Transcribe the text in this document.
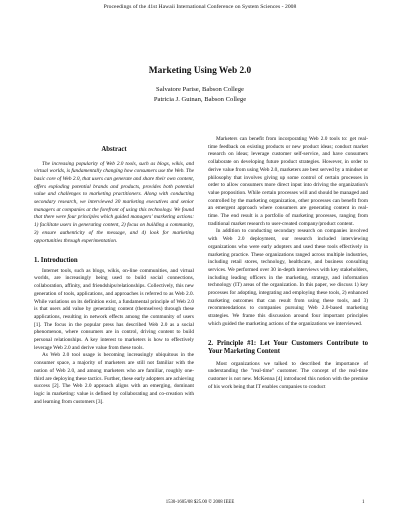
Proceedings of the 41st Hawaii International Conference on System Sciences - 2008
Marketing Using Web 2.0
Salvatore Parise, Babson College
Patricia J. Guinan, Babson College
Abstract

The increasing popularity of Web 2.0 tools, such as blogs, wikis, and virtual worlds, is fundamentally changing how consumers use the Web. The basic core of Web 2.0, that users can generate and share their own content, offers exploding potential brands and products, provides both potential value and challenges to marketing practitioners. Along with conducting secondary research, we interviewed 30 marketing executives and senior managers at companies at the forefront of using this technology. We found that there were four principles which guided managers' marketing actions: 1) facilitate users in generating content, 2) focus on building a community, 3) ensure authenticity of the message, and 4) look for marketing opportunities through experimentation.

1. Introduction

Internet tools, such as blogs, wikis, on-line communities, and virtual worlds, are increasingly being used to build social connections, collaboration, affinity, and friendships/relationships. Collectively, this new generation of tools, applications, and approaches is referred to as Web 2.0. While variations on its definition exist, a fundamental principle of Web 2.0 is that users add value by generating content (themselves) through these applications, resulting in network effects among the community of users [1]. The focus in the popular press has described Web 2.0 as a social phenomenon, where consumers are in control, driving content to build personal relationships. A key interest to marketers is how to effectively leverage Web 2.0 and derive value from these tools.

As Web 2.0 tool usage is becoming increasingly ubiquitous in the consumer space, a majority of marketers are still not familiar with the notion of Web 2.0, and among marketers who are familiar, roughly one-third are deploying these tactics. Further, these early adopters are achieving success [2]. The Web 2.0 approach aligns with an emerging, dominant logic in marketing: value is defined by collaborating and co-creation with and learning from customers [3].

Marketers can benefit from incorporating Web 2.0 tools to: get real-time feedback on existing products or new product ideas; conduct market research on ideas; leverage customer self-service, and have consumers collaborate on developing future product strategies. However, in order to derive value from using Web 2.0, marketers are best served by a mindset or philosophy that involves giving up some control of certain processes in order to allow consumers more direct input into driving the organization's value proposition. While certain processes will and should be managed and controlled by the marketing organization, other processes can benefit from an emergent approach where consumers are generating content in real-time. The end result is a portfolio of marketing processes, ranging from traditional market research to user-created company/product content.

In addition to conducting secondary research on companies involved with Web 2.0 deployment, our research included interviewing organizations who were early adopters and used these tools effectively in marketing practice. These organizations ranged across multiple industries, including retail stores, technology, healthcare, and business consulting services. We performed over 30 in-depth interviews with key stakeholders, including leading officers in the marketing, strategy, and information technology (IT) areas of the organization. In this paper, we discuss 1) key processes for adopting, integrating and employing these tools, 2) enhanced marketing outcomes that can result from using these tools, and 3) recommendations to companies pursuing Web 2.0-based marketing strategies. We frame this discussion around four important principles which guided the marketing actions of the organizations we interviewed.

2. Principle #1: Let Your Customers Contribute to Your Marketing Content

Most organizations we talked to described the importance of understanding the "real-time" customer. The concept of the real-time customer is not new. McKenna [4] introduced this notion with the premise of his work being that IT enables companies to conduct

1530-1605/08 $25.00 © 2008 IEEE	1
